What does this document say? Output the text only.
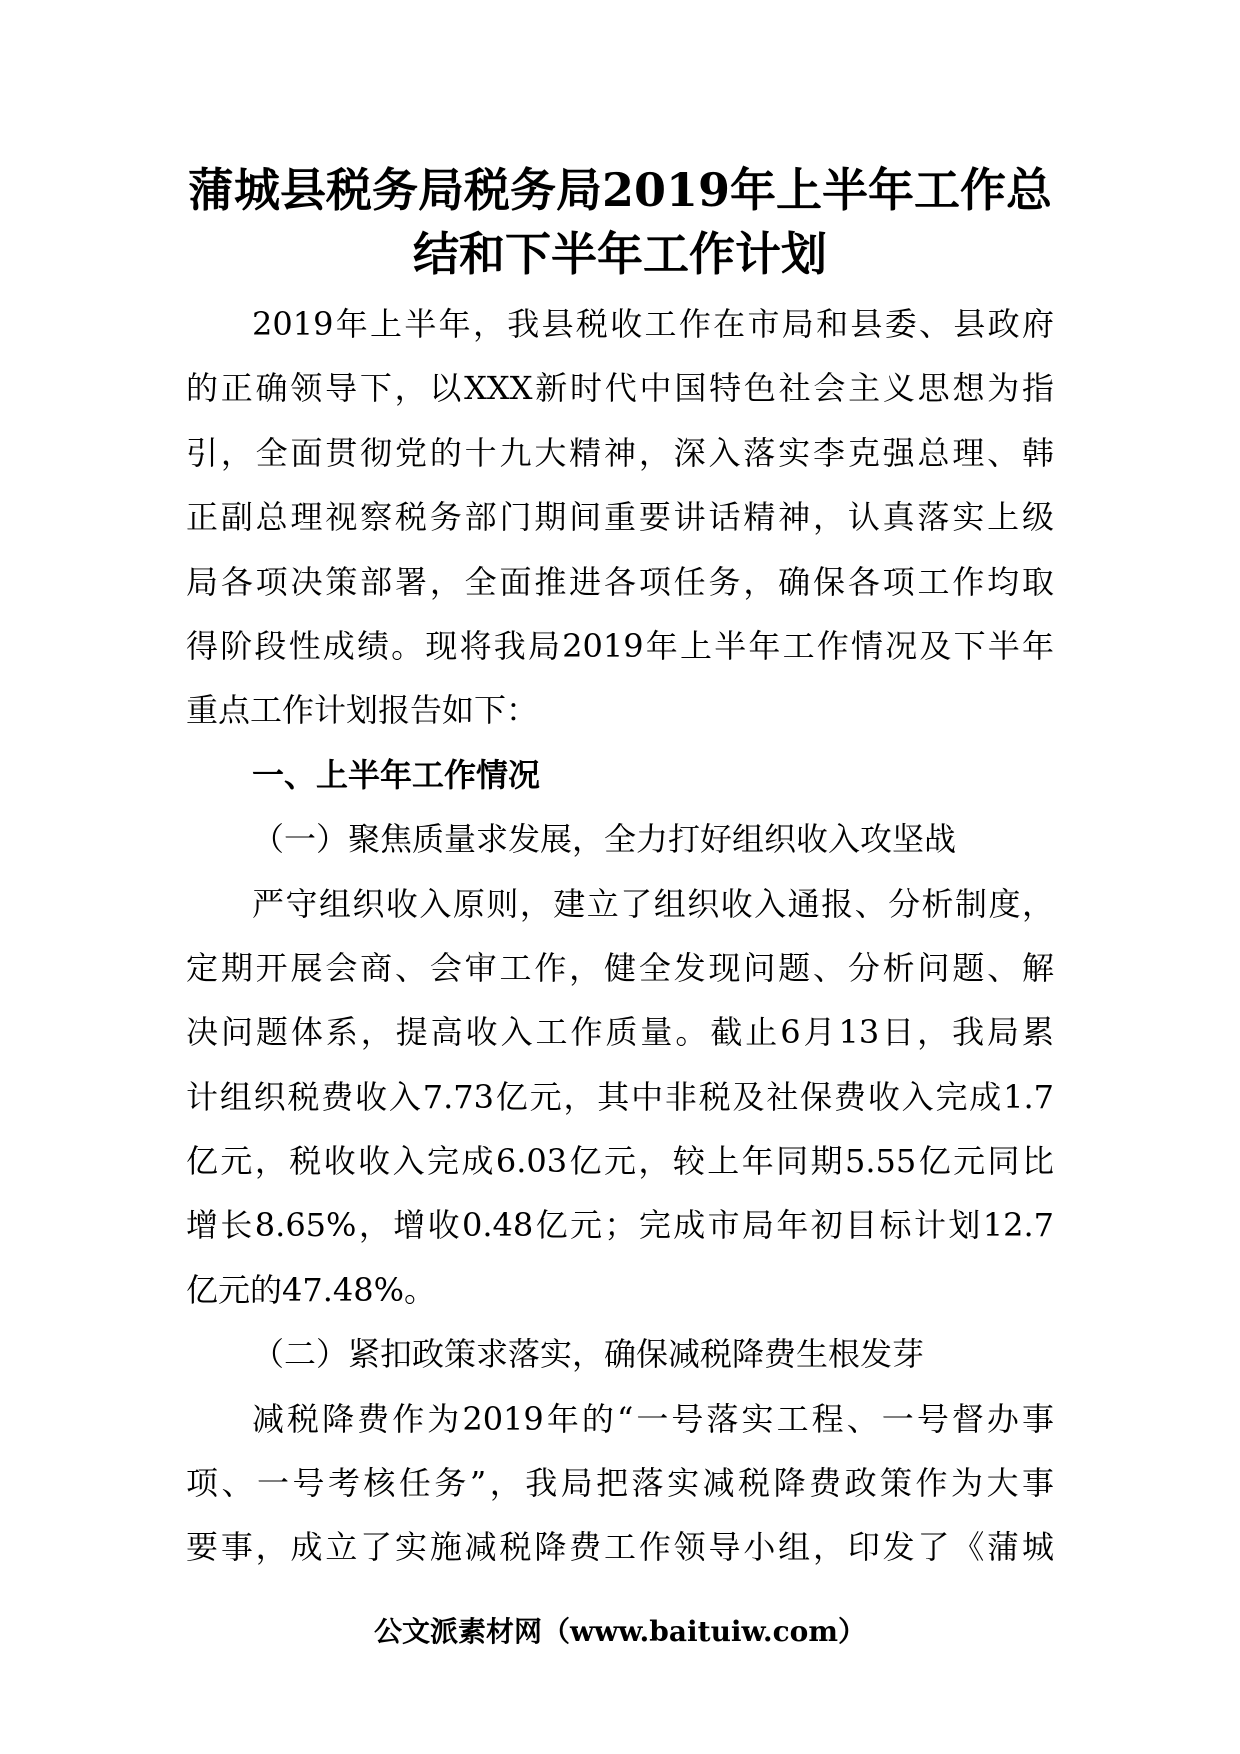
蒲城县税务局税务局2019年上半年工作总
结和下半年工作计划
2019年上半年，我县税收工作在市局和县委、县政府
的正确领导下，以XXX新时代中国特色社会主义思想为指
引，全面贯彻党的十九大精神，深入落实李克强总理、韩
正副总理视察税务部门期间重要讲话精神，认真落实上级
局各项决策部署，全面推进各项任务，确保各项工作均取
得阶段性成绩。现将我局2019年上半年工作情况及下半年
重点工作计划报告如下：
一、上半年工作情况
（一）聚焦质量求发展，全力打好组织收入攻坚战
严守组织收入原则，建立了组织收入通报、分析制度，
定期开展会商、会审工作，健全发现问题、分析问题、解
决问题体系，提高收入工作质量。截止6月13日，我局累
计组织税费收入7.73亿元，其中非税及社保费收入完成1.7
亿元，税收收入完成6.03亿元，较上年同期5.55亿元同比
增长8.65%，增收0.48亿元；完成市局年初目标计划12.7
亿元的47.48%。
（二）紧扣政策求落实，确保减税降费生根发芽
减税降费作为2019年的“一号落实工程、一号督办事
项、一号考核任务”，我局把落实减税降费政策作为大事
要事，成立了实施减税降费工作领导小组，印发了《蒲城
公文派素材网（www.baituiw.com）
